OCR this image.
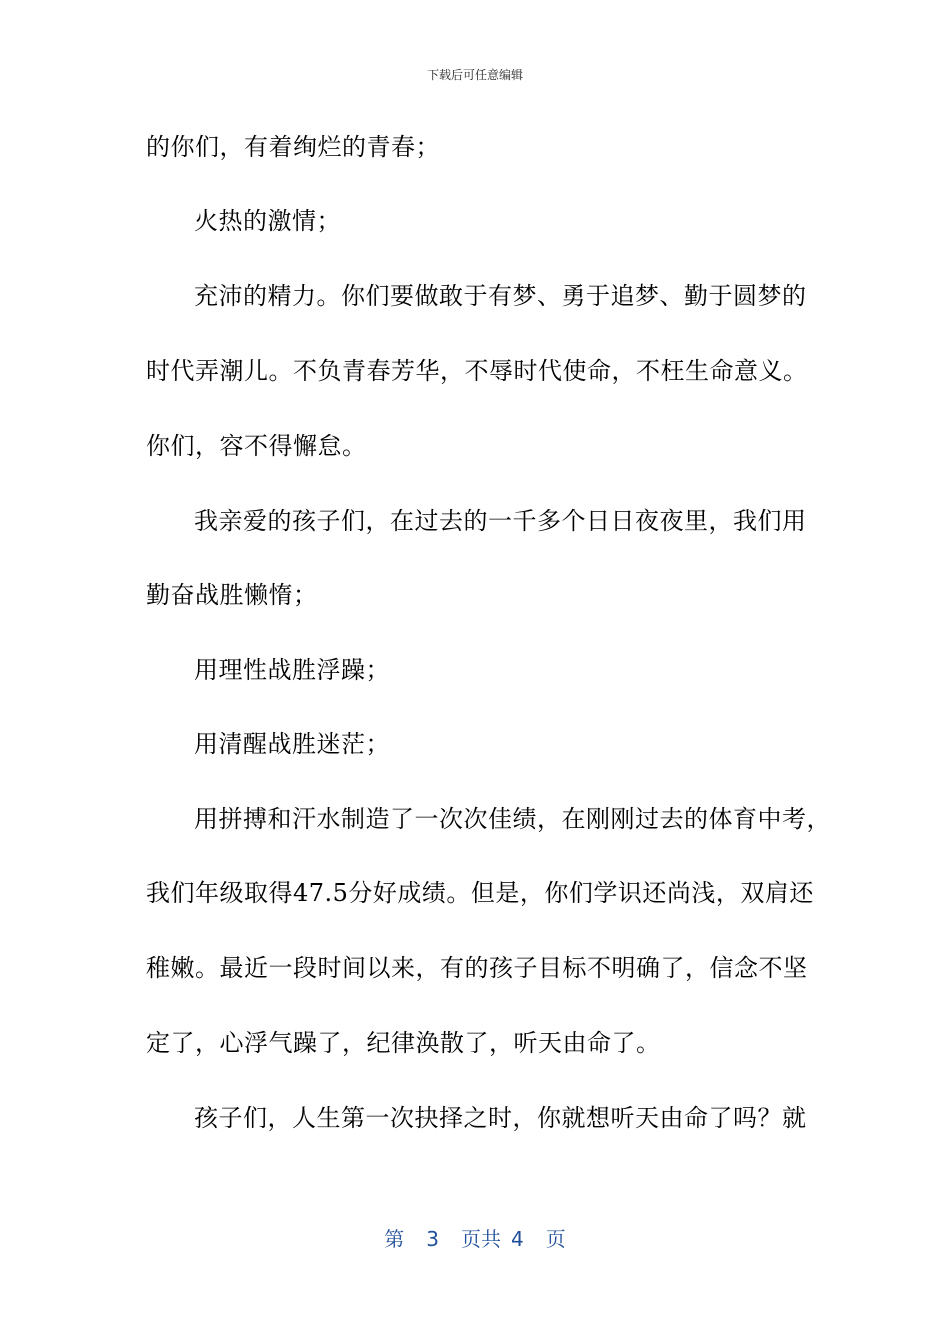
下载后可任意编辑
的你们，有着绚烂的青春；
火热的激情；
充沛的精力。你们要做敢于有梦、勇于追梦、勤于圆梦的
时代弄潮儿。不负青春芳华，不辱时代使命，不枉生命意义。
你们，容不得懈怠。
我亲爱的孩子们，在过去的一千多个日日夜夜里，我们用
勤奋战胜懒惰；
用理性战胜浮躁；
用清醒战胜迷茫；
用拼搏和汗水制造了一次次佳绩，在刚刚过去的体育中考，
我们年级取得47.5分好成绩。但是，你们学识还尚浅，双肩还
稚嫩。最近一段时间以来，有的孩子目标不明确了，信念不坚
定了，心浮气躁了，纪律涣散了，听天由命了。
孩子们，人生第一次抉择之时，你就想听天由命了吗？就
第 3 页共 4 页
